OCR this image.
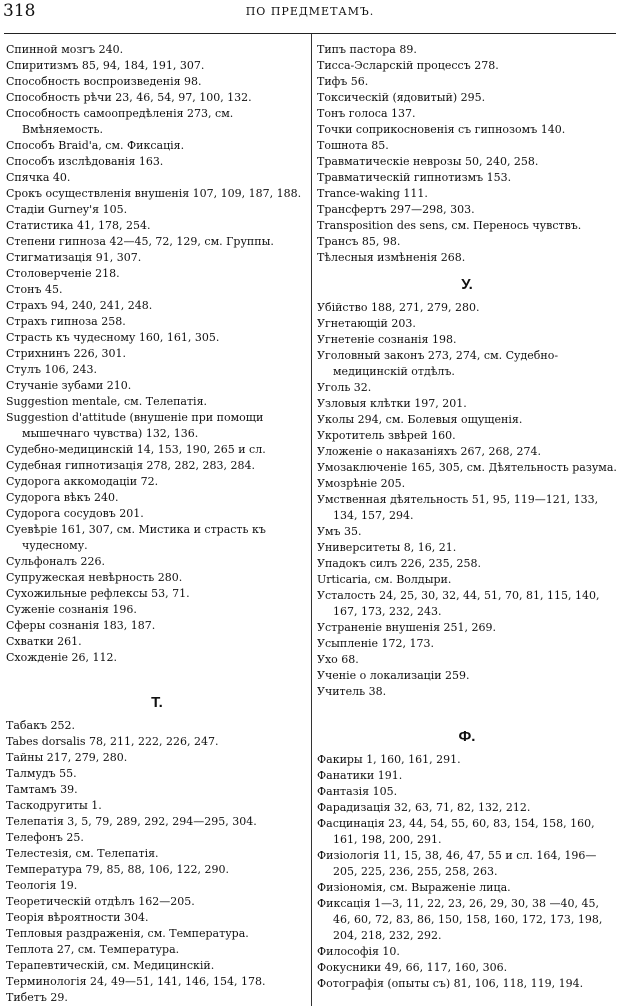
318	ПО ПРЕДМЕТАМЪ.
Спинной мозгъ 240.
Спиритизмъ 85, 94, 184, 191, 307.
Способность воспроизведенія 98.
Способность рѣчи 23, 46, 54, 97, 100, 132.
Способность самоопредѣленія 273, см. Вмѣняемость.
Способъ Braid'a, см. Фиксація.
Способъ изслѣдованія 163.
Спячка 40.
Срокъ осуществленія внушенія 107, 109, 187, 188.
Стадіи Gurney'я 105.
Статистика 41, 178, 254.
Степени гипноза 42—45, 72, 129, см. Группы.
Стигматизація 91, 307.
Столоверченіе 218.
Стонъ 45.
Страхъ 94, 240, 241, 248.
Страхъ гипноза 258.
Страсть къ чудесному 160, 161, 305.
Стрихнинъ 226, 301.
Стулъ 106, 243.
Стучаніе зубами 210.
Suggestion mentale, см. Телепатія.
Suggestion d'attitude (внушеніе при помощи мышечнаго чувства) 132, 136.
Судебно-медицинскій 14, 153, 190, 265 и сл.
Судебная гипнотизація 278, 282, 283, 284.
Судорога аккомодаціи 72.
Судорога вѣкъ 240.
Судорога сосудовъ 201.
Суевѣріе 161, 307, см. Мистика и страсть къ чудесному.
Сульфоналъ 226.
Супружеская невѣрность 280.
Сухожильные рефлексы 53, 71.
Суженіе сознанія 196.
Сферы сознанія 183, 187.
Схватки 261.
Схожденіе 26, 112.
Т.
Табакъ 252.
Tabes dorsalis 78, 211, 222, 226, 247.
Тайны 217, 279, 280.
Талмудъ 55.
Тамтамъ 39.
Таскодругиты 1.
Телепатія 3, 5, 79, 289, 292, 294—295, 304.
Телефонъ 25.
Телестезія, см. Телепатія.
Температура 79, 85, 88, 106, 122, 290.
Теологія 19.
Теоретическій отдѣлъ 162—205.
Теорія вѣроятности 304.
Тепловыя раздраженія, см. Температура.
Теплота 27, см. Температура.
Терапевтическій, см. Медицинскій.
Терминологія 24, 49—51, 141, 146, 154, 178.
Тибетъ 29.
Типъ пастора 89.
Тисса-Эсларскій процессъ 278.
Тифъ 56.
Токсическій (ядовитый) 295.
Тонъ голоса 137.
Точки соприкосновенія съ гипнозомъ 140.
Тошнота 85.
Травматическіе неврозы 50, 240, 258.
Травматическій гипнотизмъ 153.
Trance-waking 111.
Трансфертъ 297—298, 303.
Transposition des sens, см. Перенось чувствъ.
Трансъ 85, 98.
Тѣлесныя измѣненія 268.
У.
Убійство 188, 271, 279, 280.
Угнетающій 203.
Угнетеніе сознанія 198.
Уголовный законъ 273, 274, см. Судебно-медицинскій отдѣлъ.
Уголь 32.
Узловыя клѣтки 197, 201.
Уколы 294, см. Болевыя ощущенія.
Укротитель звѣрей 160.
Уложеніе о наказаніяхъ 267, 268, 274.
Умозаключеніе 165, 305, см. Дѣятельность разума.
Умозрѣніе 205.
Умственная дѣятельность 51, 95, 119—121, 133, 134, 157, 294.
Умъ 35.
Университеты 8, 16, 21.
Упадокъ силъ 226, 235, 258.
Urticaria, см. Волдыри.
Усталость 24, 25, 30, 32, 44, 51, 70, 81, 115, 140, 167, 173, 232, 243.
Устраненіе внушенія 251, 269.
Усыпленіе 172, 173.
Ухо 68.
Ученіе о локализаціи 259.
Учитель 38.
Ф.
Факиры 1, 160, 161, 291.
Фанатики 191.
Фантазія 105.
Фарадизація 32, 63, 71, 82, 132, 212.
Фасцинація 23, 44, 54, 55, 60, 83, 154, 158, 160, 161, 198, 200, 291.
Физіологія 11, 15, 38, 46, 47, 55 и сл. 164, 196—205, 225, 236, 255, 258, 263.
Физіономія, см. Выраженіе лица.
Фиксація 1—3, 11, 22, 23, 26, 29, 30, 38 —40, 45, 46, 60, 72, 83, 86, 150, 158, 160, 172, 173, 198, 204, 218, 232, 292.
Философія 10.
Фокусники 49, 66, 117, 160, 306.
Фотографія (опыты съ) 81, 106, 118, 119, 194.
